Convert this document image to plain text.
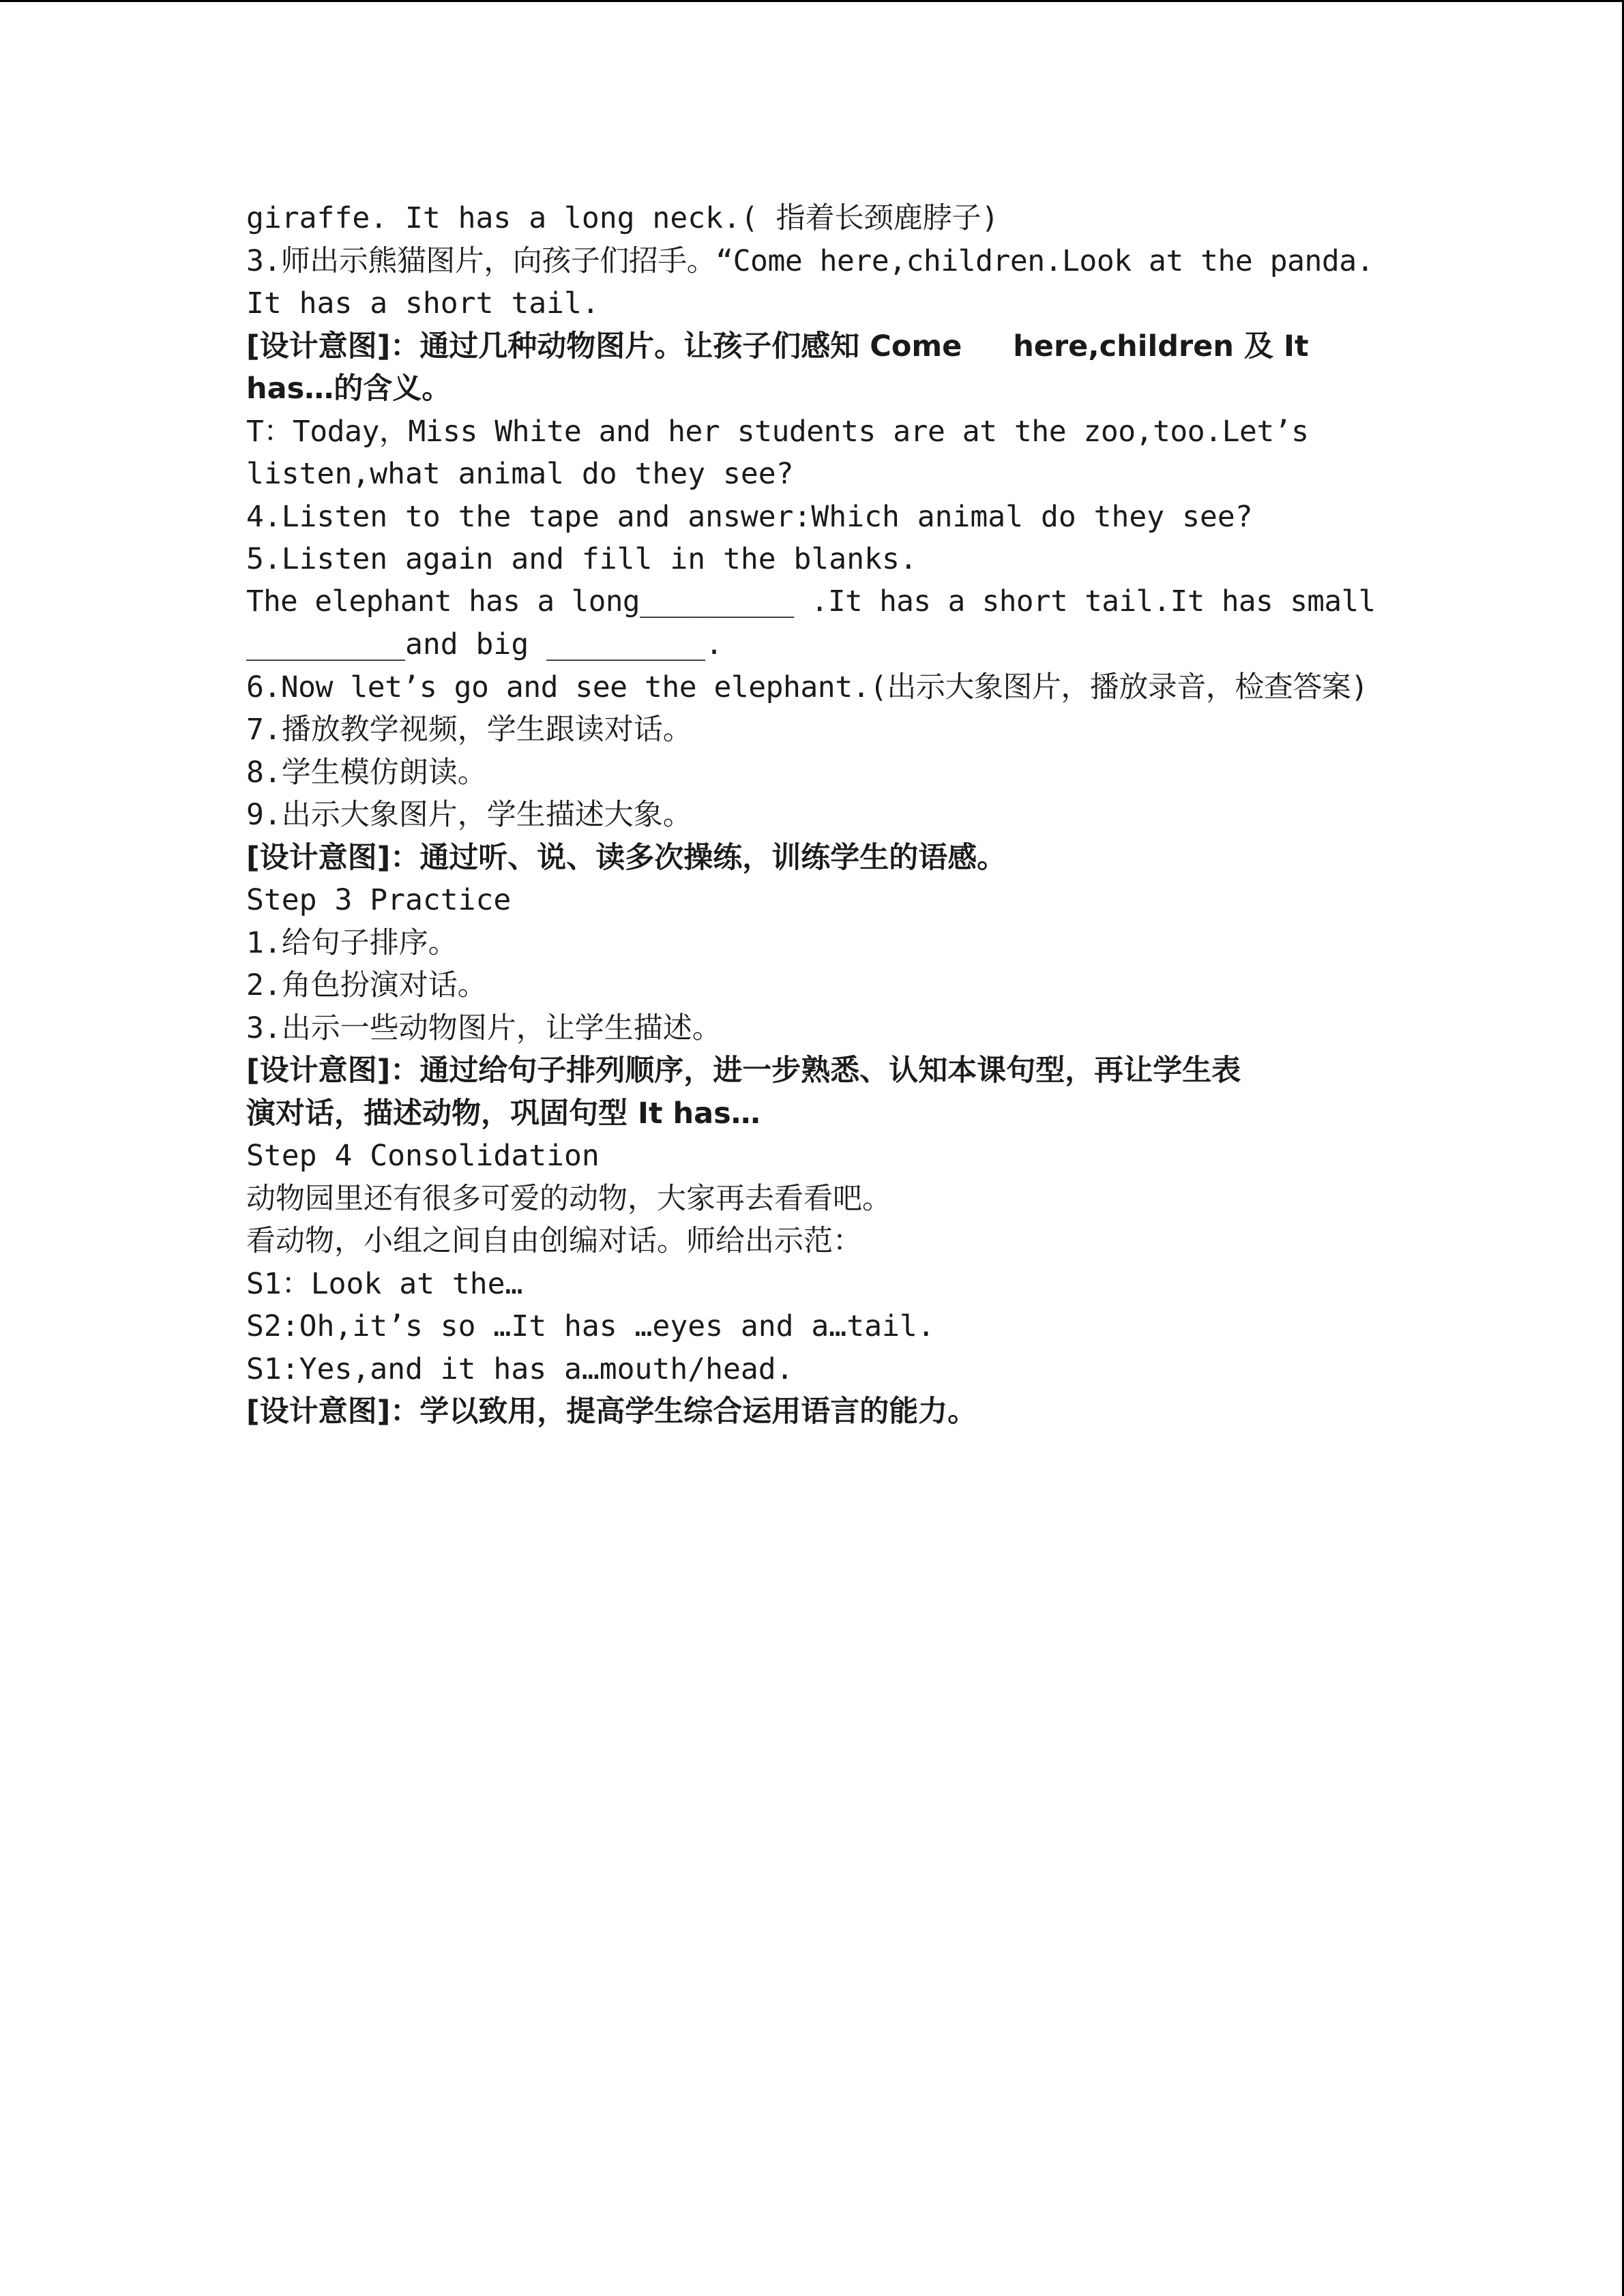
giraffe. It has a long neck.( 指着长颈鹿脖子)
3.师出示熊猫图片，向孩子们招手。“Come here,children.Look at the panda.
It has a short tail.
[设计意图]：通过几种动物图片。让孩子们感知 Come     here,children 及 It
has…的含义。
T：Today，Miss White and her students are at the zoo,too.Let’s
listen,what animal do they see?
4.Listen to the tape and answer:Which animal do they see?
5.Listen again and fill in the blanks.
The elephant has a long_________ .It has a short tail.It has small
_________and big _________.
6.Now let’s go and see the elephant.(出示大象图片，播放录音，检查答案)
7.播放教学视频，学生跟读对话。
8.学生模仿朗读。
9.出示大象图片，学生描述大象。
[设计意图]：通过听、说、读多次操练，训练学生的语感。
Step 3 Practice
1.给句子排序。
2.角色扮演对话。
3.出示一些动物图片，让学生描述。
[设计意图]：通过给句子排列顺序，进一步熟悉、认知本课句型，再让学生表
演对话，描述动物，巩固句型 It has…
Step 4 Consolidation
动物园里还有很多可爱的动物，大家再去看看吧。
看动物，小组之间自由创编对话。师给出示范：
S1：Look at the…
S2:Oh,it’s so …It has …eyes and a…tail.
S1:Yes,and it has a…mouth/head.
[设计意图]：学以致用，提高学生综合运用语言的能力。
